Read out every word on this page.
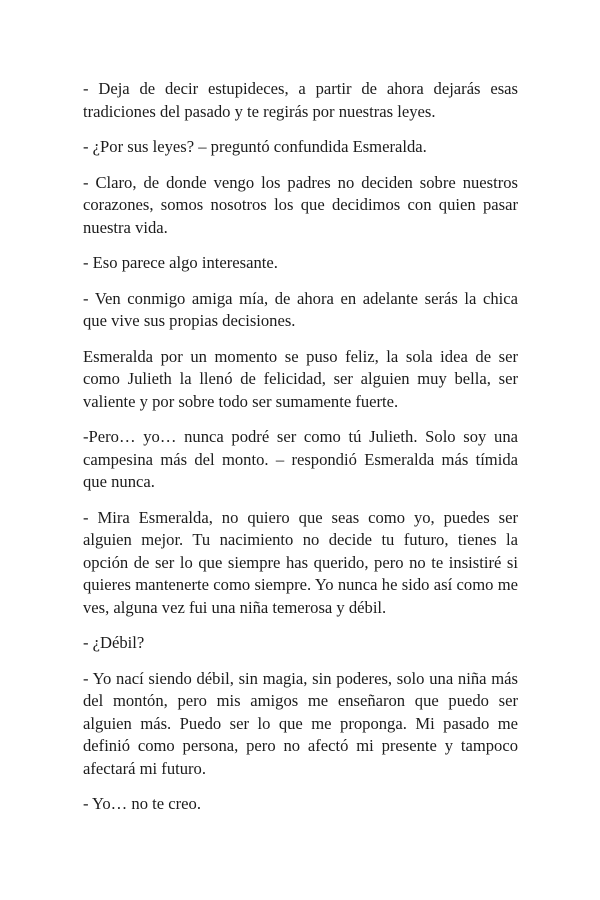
- Deja de decir estupideces, a partir de ahora dejarás esas tradiciones del pasado y te regirás por nuestras leyes.

- ¿Por sus leyes? – preguntó confundida Esmeralda.

- Claro, de donde vengo los padres no deciden sobre nuestros corazones, somos nosotros los que decidimos con quien pasar nuestra vida.

- Eso parece algo interesante.

- Ven conmigo amiga mía, de ahora en adelante serás la chica que vive sus propias decisiones.

Esmeralda por un momento se puso feliz, la sola idea de ser como Julieth la llenó de felicidad, ser alguien muy bella, ser valiente y por sobre todo ser sumamente fuerte.

-Pero… yo… nunca podré ser como tú Julieth. Solo soy una campesina más del monto. – respondió Esmeralda más tímida que nunca.

- Mira Esmeralda, no quiero que seas como yo, puedes ser alguien mejor. Tu nacimiento no decide tu futuro, tienes la opción de ser lo que siempre has querido, pero no te insistiré si quieres mantenerte como siempre. Yo nunca he sido así como me ves, alguna vez fui una niña temerosa y débil.

- ¿Débil?

- Yo nací siendo débil, sin magia, sin poderes, solo una niña más del montón, pero mis amigos me enseñaron que puedo ser alguien más. Puedo ser lo que me proponga. Mi pasado me definió como persona, pero no afectó mi presente y tampoco afectará mi futuro.

- Yo… no te creo.
